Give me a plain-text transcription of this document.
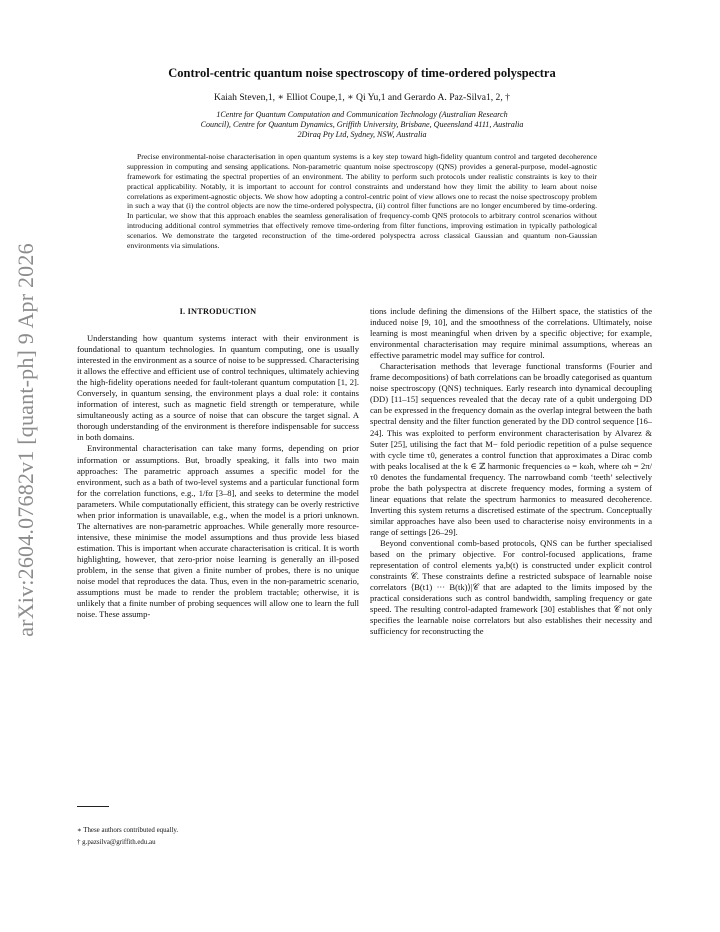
arXiv:2604.07682v1 [quant-ph] 9 Apr 2026
Control-centric quantum noise spectroscopy of time-ordered polyspectra
Kaiah Steven,1, ∗ Elliot Coupe,1, ∗ Qi Yu,1 and Gerardo A. Paz-Silva1, 2, †
1Centre for Quantum Computation and Communication Technology (Australian Research
Council), Centre for Quantum Dynamics, Griffith University, Brisbane, Queensland 4111, Australia
2Diraq Pty Ltd, Sydney, NSW, Australia
Precise environmental-noise characterisation in open quantum systems is a key step toward high-fidelity quantum control and targeted decoherence suppression in computing and sensing applications. Non-parametric quantum noise spectroscopy (QNS) provides a general-purpose, model-agnostic framework for estimating the spectral properties of an environment. The ability to perform such protocols under realistic constraints is key to their practical applicability. Notably, it is important to account for control constraints and understand how they limit the ability to learn about noise correlations as experiment-agnostic objects. We show how adopting a control-centric point of view allows one to recast the noise spectroscopy problem in such a way that (i) the control objects are now the time-ordered polyspectra, (ii) control filter functions are no longer encumbered by time-ordering. In particular, we show that this approach enables the seamless generalisation of frequency-comb QNS protocols to arbitrary control scenarios without introducing additional control symmetries that effectively remove time-ordering from filter functions, improving estimation in typically pathological scenarios. We demonstrate the targeted reconstruction of the time-ordered polyspectra across classical Gaussian and quantum non-Gaussian environments via simulations.
I. INTRODUCTION

Understanding how quantum systems interact with their environment is foundational to quantum technologies. In quantum computing, one is usually interested in the environment as a source of noise to be suppressed. Characterising it allows the effective and efficient use of control techniques, ultimately achieving the high-fidelity operations needed for fault-tolerant quantum computation [1, 2]. Conversely, in quantum sensing, the environment plays a dual role: it contains information of interest, such as magnetic field strength or temperature, while simultaneously acting as a source of noise that can obscure the target signal. A thorough understanding of the environment is therefore indispensable for success in both domains.

Environmental characterisation can take many forms, depending on prior information or assumptions. But, broadly speaking, it falls into two main approaches: The parametric approach assumes a specific model for the environment, such as a bath of two-level systems and a particular functional form for the correlation functions, e.g., 1/fα [3–8], and seeks to determine the model parameters. While computationally efficient, this strategy can be overly restrictive when prior information is unavailable, e.g., when the model is a priori unknown. The alternatives are non-parametric approaches. While generally more resource-intensive, these minimise the model assumptions and thus provide less biased estimation. This is important when accurate characterisation is critical. It is worth highlighting, however, that zero-prior noise learning is generally an ill-posed problem, in the sense that given a finite number of probes, there is no unique noise model that reproduces the data. Thus, even in the non-parametric scenario, assumptions must be made to render the problem tractable; otherwise, it is unlikely that a finite number of probing sequences will allow one to learn the full noise. These assump-

tions include defining the dimensions of the Hilbert space, the statistics of the induced noise [9, 10], and the smoothness of the correlations. Ultimately, noise learning is most meaningful when driven by a specific objective; for example, environmental characterisation may require minimal assumptions, whereas an effective parametric model may suffice for control.

Characterisation methods that leverage functional transforms (Fourier and frame decompositions) of bath correlations can be broadly categorised as quantum noise spectroscopy (QNS) techniques. Early research into dynamical decoupling (DD) [11–15] sequences revealed that the decay rate of a qubit undergoing DD can be expressed in the frequency domain as the overlap integral between the bath spectral density and the filter function generated by the DD control sequence [16–24]. This was exploited to perform environment characterisation by Alvarez & Suter [25], utilising the fact that M− fold periodic repetition of a pulse sequence with cycle time τ0, generates a control function that approximates a Dirac comb with peaks localised at the k ∈ ℤ harmonic frequencies ω = kωh, where ωh = 2π/τ0 denotes the fundamental frequency. The narrowband comb ‘teeth’ selectively probe the bath polyspectra at discrete frequency modes, forming a system of linear equations that relate the spectrum harmonics to measured decoherence. Inverting this system returns a discretised estimate of the spectrum. Conceptually similar approaches have also been used to characterise noisy environments in a range of settings [26–29].

Beyond conventional comb-based protocols, QNS can be further specialised based on the primary objective. For control-focused applications, frame representation of control elements ya,b(t) is constructed under explicit control constraints 𝒞. These constraints define a restricted subspace of learnable noise correlators ⟨B(t1) ··· B(tk)⟩|𝒞 that are adapted to the limits imposed by the practical considerations such as control bandwidth, sampling frequency or gate speed. The resulting control-adapted framework [30] establishes that 𝒞 not only specifies the learnable noise correlators but also establishes their necessity and sufficiency for reconstructing the

∗ These authors contributed equally.
† g.pazsilva@griffith.edu.au
